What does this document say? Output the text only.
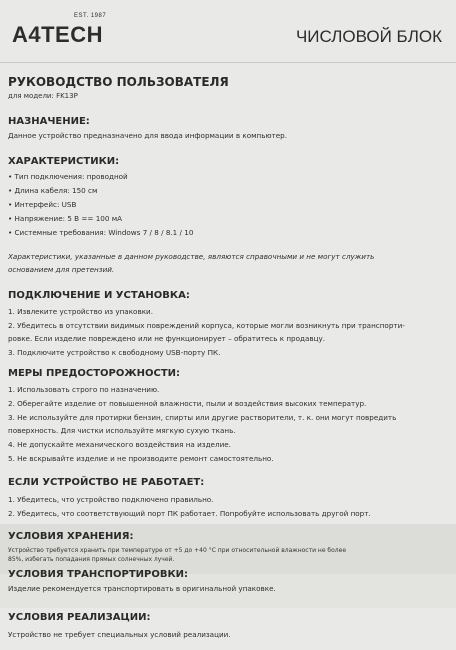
A4TECH
EST. 1987
ЧИСЛОВОЙ БЛОК
РУКОВОДСТВО ПОЛЬЗОВАТЕЛЯ
для модели: FK13P
НАЗНАЧЕНИЕ:
Данное устройство предназначено для ввода информации в компьютер.
ХАРАКТЕРИСТИКИ:
• Тип подключения: проводной
• Длина кабеля: 150 см
• Интерфейс: USB
• Напряжение: 5 В == 100 мА
• Системные требования: Windows 7 / 8 / 8.1 / 10
Характеристики, указанные в данном руководстве, являются справочными и не могут служить
основанием для претензий.
ПОДКЛЮЧЕНИЕ И УСТАНОВКА:
1. Извлеките устройство из упаковки.
2. Убедитесь в отсутствии видимых повреждений корпуса, которые могли возникнуть при транспорти-
ровке. Если изделие повреждено или не функционирует – обратитесь к продавцу.
3. Подключите устройство к свободному USB-порту ПК.
МЕРЫ ПРЕДОСТОРОЖНОСТИ:
1. Использовать строго по назначению.
2. Оберегайте изделие от повышенной влажности, пыли и воздействия высоких температур.
3. Не используйте для протирки бензин, спирты или другие растворители, т. к. они могут повредить
поверхность. Для чистки используйте мягкую сухую ткань.
4. Не допускайте механического воздействия на изделие.
5. Не вскрывайте изделие и не производите ремонт самостоятельно.
ЕСЛИ УСТРОЙСТВО НЕ РАБОТАЕТ:
1. Убедитесь, что устройство подключено правильно.
2. Убедитесь, что соответствующий порт ПК работает. Попробуйте использовать другой порт.
УСЛОВИЯ ХРАНЕНИЯ:
Устройство требуется хранить при температуре от +5 до +40 °С при относительной влажности не более
85%, избегать попадания прямых солнечных лучей.
УСЛОВИЯ ТРАНСПОРТИРОВКИ:
Изделие рекомендуется транспортировать в оригинальной упаковке.
УСЛОВИЯ РЕАЛИЗАЦИИ:
Устройство не требует специальных условий реализации.
